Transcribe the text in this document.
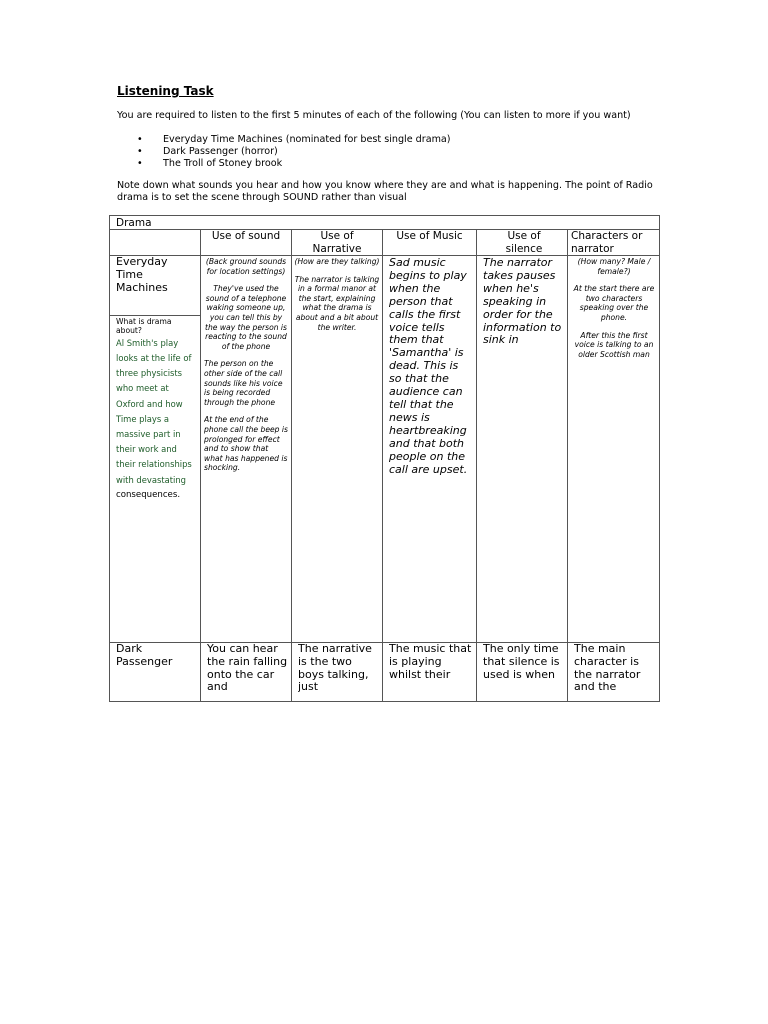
Listening Task
You are required to listen to the first 5 minutes of each of the following (You can listen to more if you want)
• Everyday Time Machines (nominated for best single drama)
• Dark Passenger (horror)
• The Troll of Stoney brook
Note down what sounds you hear and how you know where they are and what is happening. The point of Radio drama is to set the scene through SOUND rather than visual
Drama
Use of sound	Use of Narrative
Use of Music	Use of silence
Characters or narrator
Everyday Time Machines
What is drama about?
Al Smith's play looks at the life of three physicists who meet at Oxford and how Time plays a massive part in their work and their relationships with devastating
consequences.

(Back ground sounds for location settings)

They've used the sound of a telephone waking someone up, you can tell this by the way the person is reacting to the sound of the phone

The person on the other side of the call sounds like his voice is being recorded through the phone

At the end of the phone call the beep is prolonged for effect and to show that what has happened is shocking.

(How are they talking)

The narrator is talking in a formal manor at the start, explaining what the drama is about and a bit about the writer.

Sad music begins to play when the person that calls the first voice tells them that 'Samantha' is dead. This is so that the audience can tell that the news is heartbreaking and that both people on the call are upset.
The narrator takes pauses when he's speaking in order for the information to sink in

(How many? Male / female?)

At the start there are two characters speaking over the phone.

After this the first voice is talking to an older Scottish man

Dark Passenger
You can hear the rain falling onto the car and
The narrative is the two boys talking, just
The music that is playing whilst their
The only time that silence is used is when
The main character is the narrator and the
